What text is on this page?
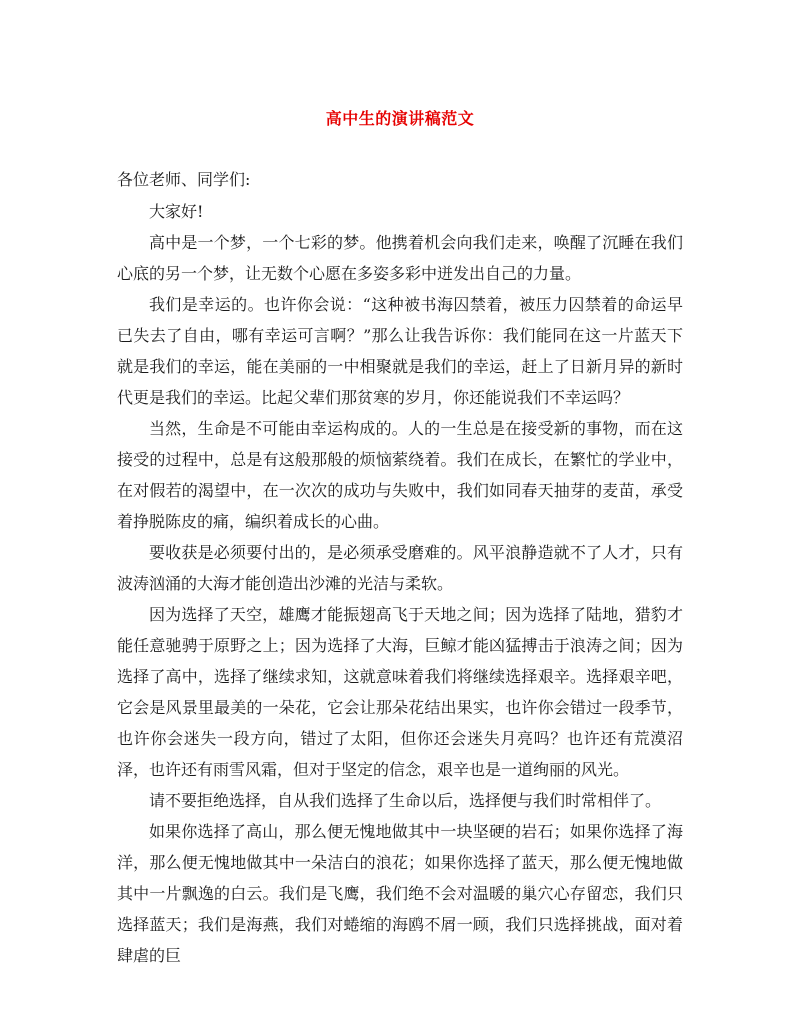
高中生的演讲稿范文
各位老师、同学们:

大家好!

高中是一个梦，一个七彩的梦。他携着机会向我们走来，唤醒了沉睡在我们心底的另一个梦，让无数个心愿在多姿多彩中迸发出自己的力量。

我们是幸运的。也许你会说：“这种被书海囚禁着，被压力囚禁着的命运早已失去了自由，哪有幸运可言啊？”那么让我告诉你：我们能同在这一片蓝天下就是我们的幸运，能在美丽的一中相聚就是我们的幸运，赶上了日新月异的新时代更是我们的幸运。比起父辈们那贫寒的岁月，你还能说我们不幸运吗？

当然，生命是不可能由幸运构成的。人的一生总是在接受新的事物，而在这接受的过程中，总是有这般那般的烦恼萦绕着。我们在成长，在繁忙的学业中，在对假若的渴望中，在一次次的成功与失败中，我们如同春天抽芽的麦苗，承受着挣脱陈皮的痛，编织着成长的心曲。

要收获是必须要付出的，是必须承受磨难的。风平浪静造就不了人才，只有波涛汹涌的大海才能创造出沙滩的光洁与柔软。

因为选择了天空，雄鹰才能振翅高飞于天地之间；因为选择了陆地，猎豹才能任意驰骋于原野之上；因为选择了大海，巨鲸才能凶猛搏击于浪涛之间；因为选择了高中，选择了继续求知，这就意味着我们将继续选择艰辛。选择艰辛吧，它会是风景里最美的一朵花，它会让那朵花结出果实，也许你会错过一段季节，也许你会迷失一段方向，错过了太阳，但你还会迷失月亮吗？也许还有荒漠沼泽，也许还有雨雪风霜，但对于坚定的信念，艰辛也是一道绚丽的风光。

请不要拒绝选择，自从我们选择了生命以后，选择便与我们时常相伴了。

如果你选择了高山，那么便无愧地做其中一块坚硬的岩石；如果你选择了海洋，那么便无愧地做其中一朵洁白的浪花；如果你选择了蓝天，那么便无愧地做其中一片飘逸的白云。我们是飞鹰，我们绝不会对温暖的巢穴心存留恋，我们只选择蓝天；我们是海燕，我们对蜷缩的海鸥不屑一顾，我们只选择挑战，面对着肆虐的巨
